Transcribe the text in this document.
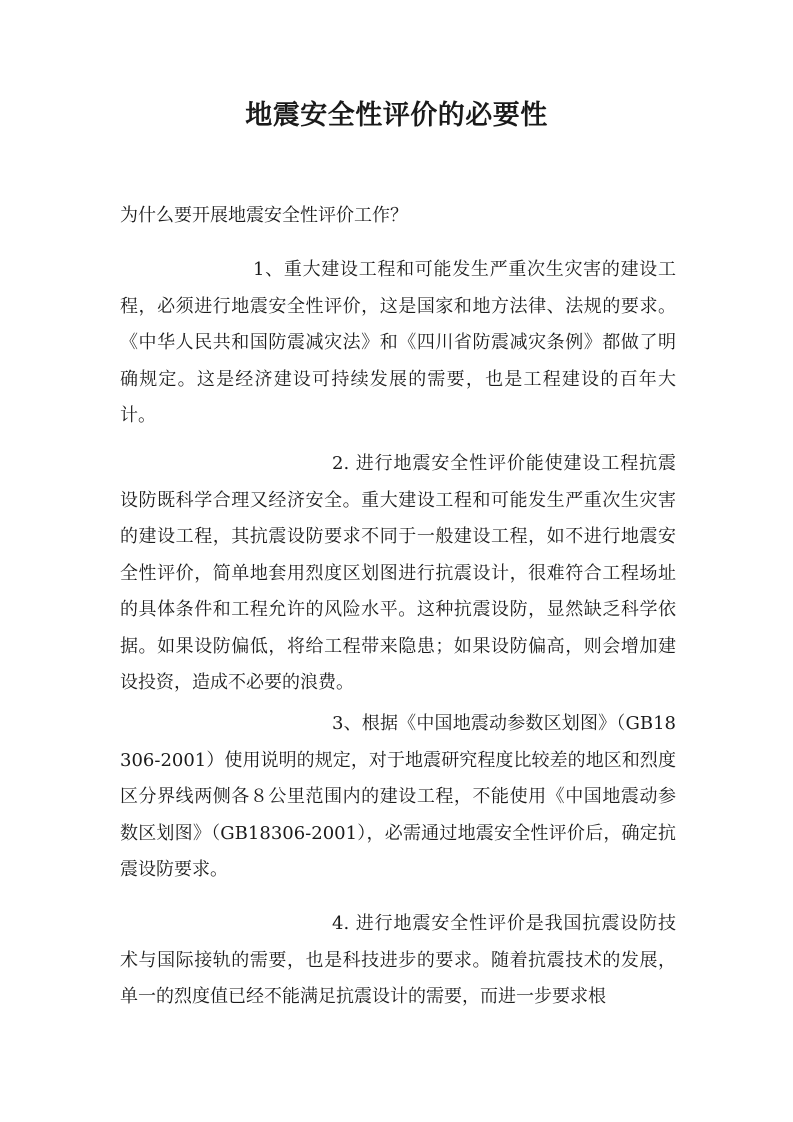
地震安全性评价的必要性
为什么要开展地震安全性评价工作？
1、重大建设工程和可能发生严重次生灾害的建设工程，必须进行地震安全性评价，这是国家和地方法律、法规的要求。《中华人民共和国防震减灾法》和《四川省防震减灾条例》都做了明确规定。这是经济建设可持续发展的需要，也是工程建设的百年大计。
2. 进行地震安全性评价能使建设工程抗震设防既科学合理又经济安全。重大建设工程和可能发生严重次生灾害的建设工程，其抗震设防要求不同于一般建设工程，如不进行地震安全性评价，简单地套用烈度区划图进行抗震设计，很难符合工程场址的具体条件和工程允许的风险水平。这种抗震设防，显然缺乏科学依据。如果设防偏低，将给工程带来隐患；如果设防偏高，则会增加建设投资，造成不必要的浪费。
3、根据《中国地震动参数区划图》（GB18306-2001）使用说明的规定，对于地震研究程度比较差的地区和烈度区分界线两侧各８公里范围内的建设工程，不能使用《中国地震动参数区划图》（GB18306-2001），必需通过地震安全性评价后，确定抗震设防要求。
4. 进行地震安全性评价是我国抗震设防技术与国际接轨的需要，也是科技进步的要求。随着抗震技术的发展，单一的烈度值已经不能满足抗震设计的需要，而进一步要求根
